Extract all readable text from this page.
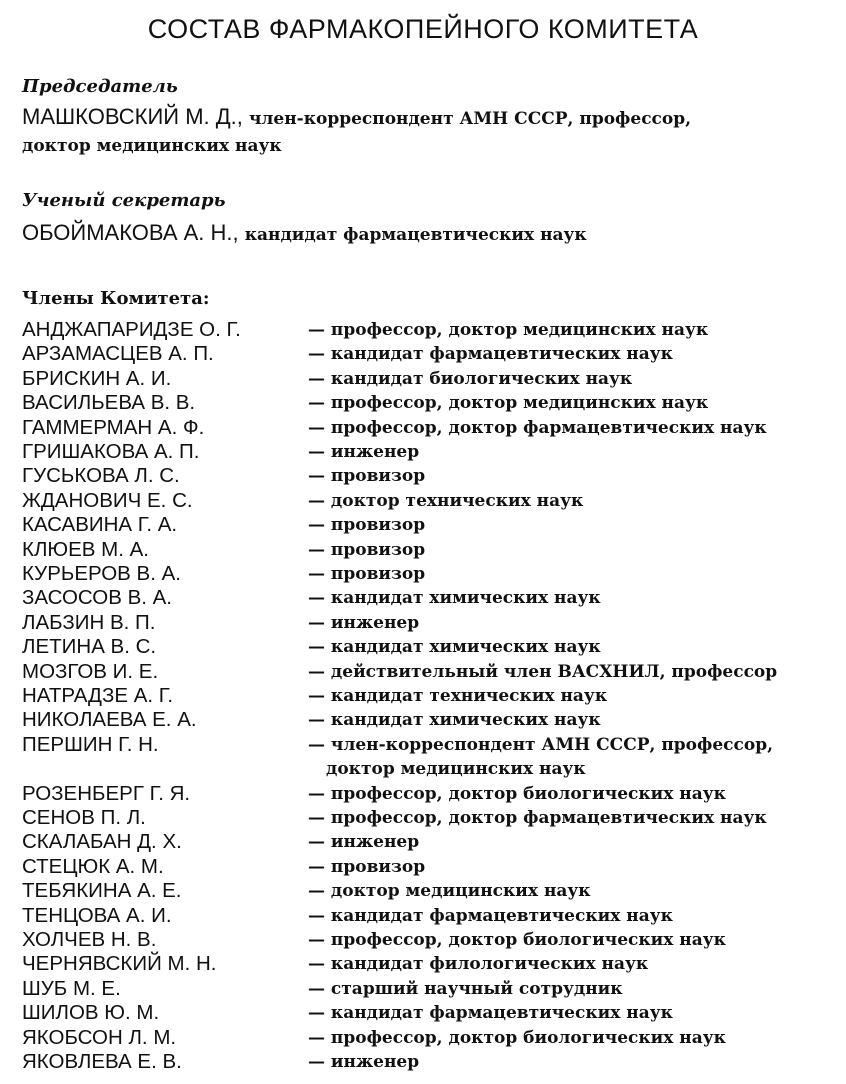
СОСТАВ ФАРМАКОПЕЙНОГО КОМИТЕТА
Председатель
МАШКОВСКИЙ М. Д., член-корреспондент АМН СССР, профессор,
доктор медицинских наук
Ученый секретарь
ОБОЙМАКОВА А. Н., кандидат фармацевтических наук
Члены Комитета:
АНДЖАПАРИДЗЕ О. Г.	— профессор, доктор медицинских наук
АРЗАМАСЦЕВ А. П.	— кандидат фармацевтических наук
БРИСКИН А. И.	— кандидат биологических наук
ВАСИЛЬЕВА В. В.	— профессор, доктор медицинских наук
ГАММЕРМАН А. Ф.	— профессор, доктор фармацевтических наук
ГРИШАКОВА А. П.	— инженер
ГУСЬКОВА Л. С.	— провизор
ЖДАНОВИЧ Е. С.	— доктор технических наук
КАСАВИНА Г. А.	— провизор
КЛЮЕВ М. А.	— провизор
КУРЬЕРОВ В. А.	— провизор
ЗАСОСОВ В. А.	— кандидат химических наук
ЛАБЗИН В. П.	— инженер
ЛЕТИНА В. С.	— кандидат химических наук
МОЗГОВ И. Е.	— действительный член ВАСХНИЛ, профессор
НАТРАДЗЕ А. Г.	— кандидат технических наук
НИКОЛАЕВА Е. А.	— кандидат химических наук
ПЕРШИН Г. Н.	— член-корреспондент АМН СССР, профессор,
доктор медицинских наук
РОЗЕНБЕРГ Г. Я.	— профессор, доктор биологических наук
СЕНОВ П. Л.	— профессор, доктор фармацевтических наук
СКАЛАБАН Д. Х.	— инженер
СТЕЦЮК А. М.	— провизор
ТЕБЯКИНА А. Е.	— доктор медицинских наук
ТЕНЦОВА А. И.	— кандидат фармацевтических наук
ХОЛЧЕВ Н. В.	— профессор, доктор биологических наук
ЧЕРНЯВСКИЙ М. Н.	— кандидат филологических наук
ШУБ М. Е.	— старший научный сотрудник
ШИЛОВ Ю. М.	— кандидат фармацевтических наук
ЯКОБСОН Л. М.	— профессор, доктор биологических наук
ЯКОВЛЕВА Е. В.	— инженер
